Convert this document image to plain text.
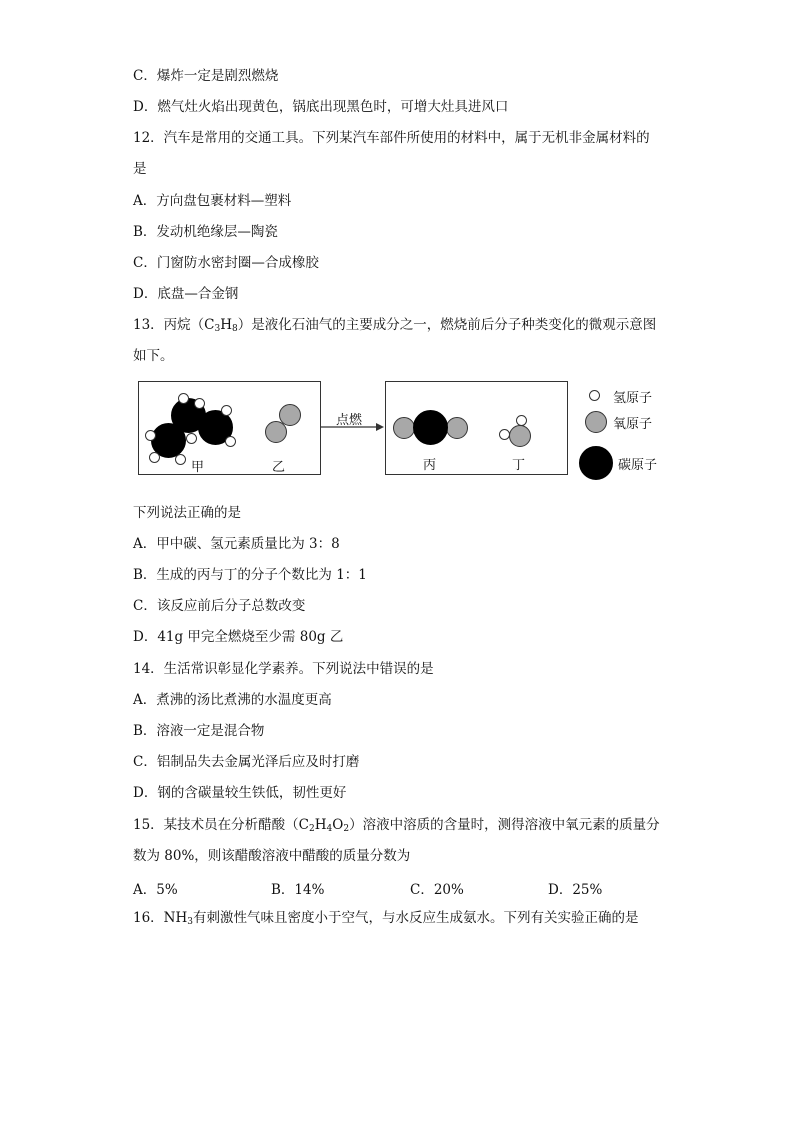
C．爆炸一定是剧烈燃烧
D．燃气灶火焰出现黄色，锅底出现黑色时，可增大灶具进风口
12．汽车是常用的交通工具。下列某汽车部件所使用的材料中，属于无机非金属材料的
是
A．方向盘包裹材料—塑料
B．发动机绝缘层—陶瓷
C．门窗防水密封圈—合成橡胶
D．底盘—合金钢
13．丙烷$(C_3H_8)$是液化石油气的主要成分之一，燃烧前后分子种类变化的微观示意图
如下。
甲	乙
点燃
丙	丁
氢原子
氧原子
碳原子
下列说法正确的是
A．甲中碳、氢元素质量比为 3：8
B．生成的丙与丁的分子个数比为 1：1
C．该反应前后分子总数改变
D．41g 甲完全燃烧至少需 80g 乙
14．生活常识彰显化学素养。下列说法中错误的是
A．煮沸的汤比煮沸的水温度更高
B．溶液一定是混合物
C．铝制品失去金属光泽后应及时打磨
D．钢的含碳量较生铁低，韧性更好
15．某技术员在分析醋酸$(C_2H_4O_2)$溶液中溶质的含量时，测得溶液中氧元素的质量分
数为 80%，则该醋酸溶液中醋酸的质量分数为
A．5%	B．14%	C．20%	D．25%
16．$NH_3$有刺激性气味且密度小于空气，与水反应生成氨水。下列有关实验正确的是
